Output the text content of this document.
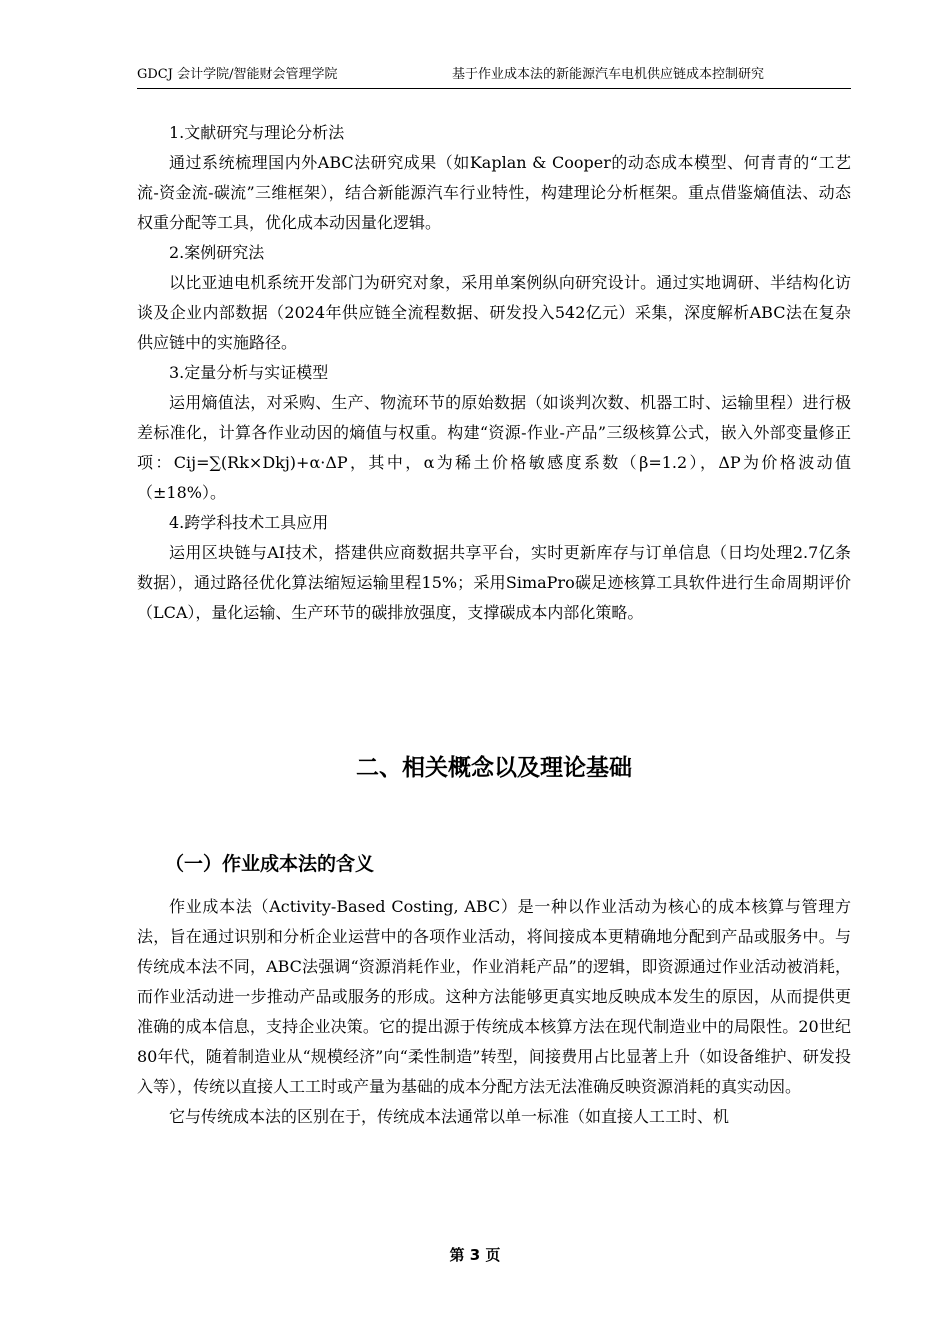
GDCJ 会计学院/智能财会管理学院	基于作业成本法的新能源汽车电机供应链成本控制研究

1.文献研究与理论分析法

通过系统梳理国内外ABC法研究成果（如Kaplan & Cooper的动态成本模型、何青青的“工艺流-资金流-碳流”三维框架），结合新能源汽车行业特性，构建理论分析框架。重点借鉴熵值法、动态权重分配等工具，优化成本动因量化逻辑。

2.案例研究法

以比亚迪电机系统开发部门为研究对象，采用单案例纵向研究设计。通过实地调研、半结构化访谈及企业内部数据（2024年供应链全流程数据、研发投入542亿元）采集，深度解析ABC法在复杂供应链中的实施路径。

3.定量分析与实证模型

运用熵值法，对采购、生产、物流环节的原始数据（如谈判次数、机器工时、运输里程）进行极差标准化，计算各作业动因的熵值与权重。构建“资源-作业-产品”三级核算公式，嵌入外部变量修正项：Cij=∑(Rk×Dkj)+α·ΔP，其中，α为稀土价格敏感度系数（β=1.2），ΔP为价格波动值（±18%）。

4.跨学科技术工具应用

运用区块链与AI技术，搭建供应商数据共享平台，实时更新库存与订单信息（日均处理2.7亿条数据），通过路径优化算法缩短运输里程15%；采用SimaPro碳足迹核算工具软件进行生命周期评价（LCA），量化运输、生产环节的碳排放强度，支撑碳成本内部化策略。

二、相关概念以及理论基础
（一）作业成本法的含义

作业成本法（Activity-Based Costing, ABC）是一种以作业活动为核心的成本核算与管理方法，旨在通过识别和分析企业运营中的各项作业活动，将间接成本更精确地分配到产品或服务中。与传统成本法不同，ABC法强调“资源消耗作业，作业消耗产品”的逻辑，即资源通过作业活动被消耗，而作业活动进一步推动产品或服务的形成。这种方法能够更真实地反映成本发生的原因，从而提供更准确的成本信息，支持企业决策。它的提出源于传统成本核算方法在现代制造业中的局限性。20世纪80年代，随着制造业从“规模经济”向“柔性制造”转型，间接费用占比显著上升（如设备维护、研发投入等），传统以直接人工工时或产量为基础的成本分配方法无法准确反映资源消耗的真实动因。

它与传统成本法的区别在于，传统成本法通常以单一标准（如直接人工工时、机

第 3 页
